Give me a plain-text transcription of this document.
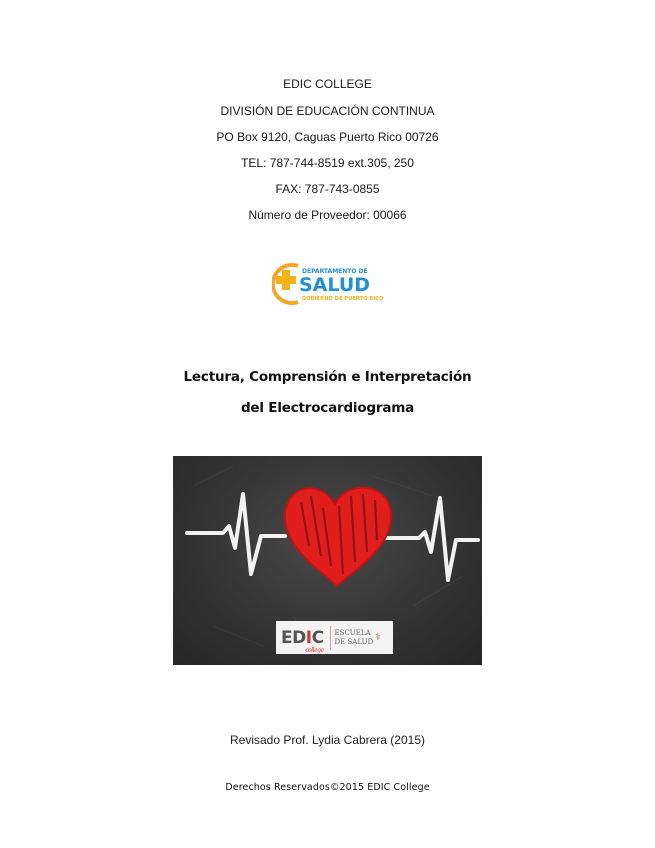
EDIC COLLEGE
DIVISIÓN DE EDUCACIÓN CONTINUA
PO Box 9120, Caguas Puerto Rico 00726
TEL: 787-744-8519 ext.305, 250
FAX: 787-743-0855
Número de Proveedor: 00066
DEPARTAMENTO DE
SALUD
GOBIERNO DE PUERTO RICO
Lectura, Comprensión e Interpretación
del Electrocardiograma
EDIC
college
ESCUELA
DE SALUD ⚕
Revisado Prof. Lydia Cabrera (2015)
Derechos Reservados©2015 EDIC College
